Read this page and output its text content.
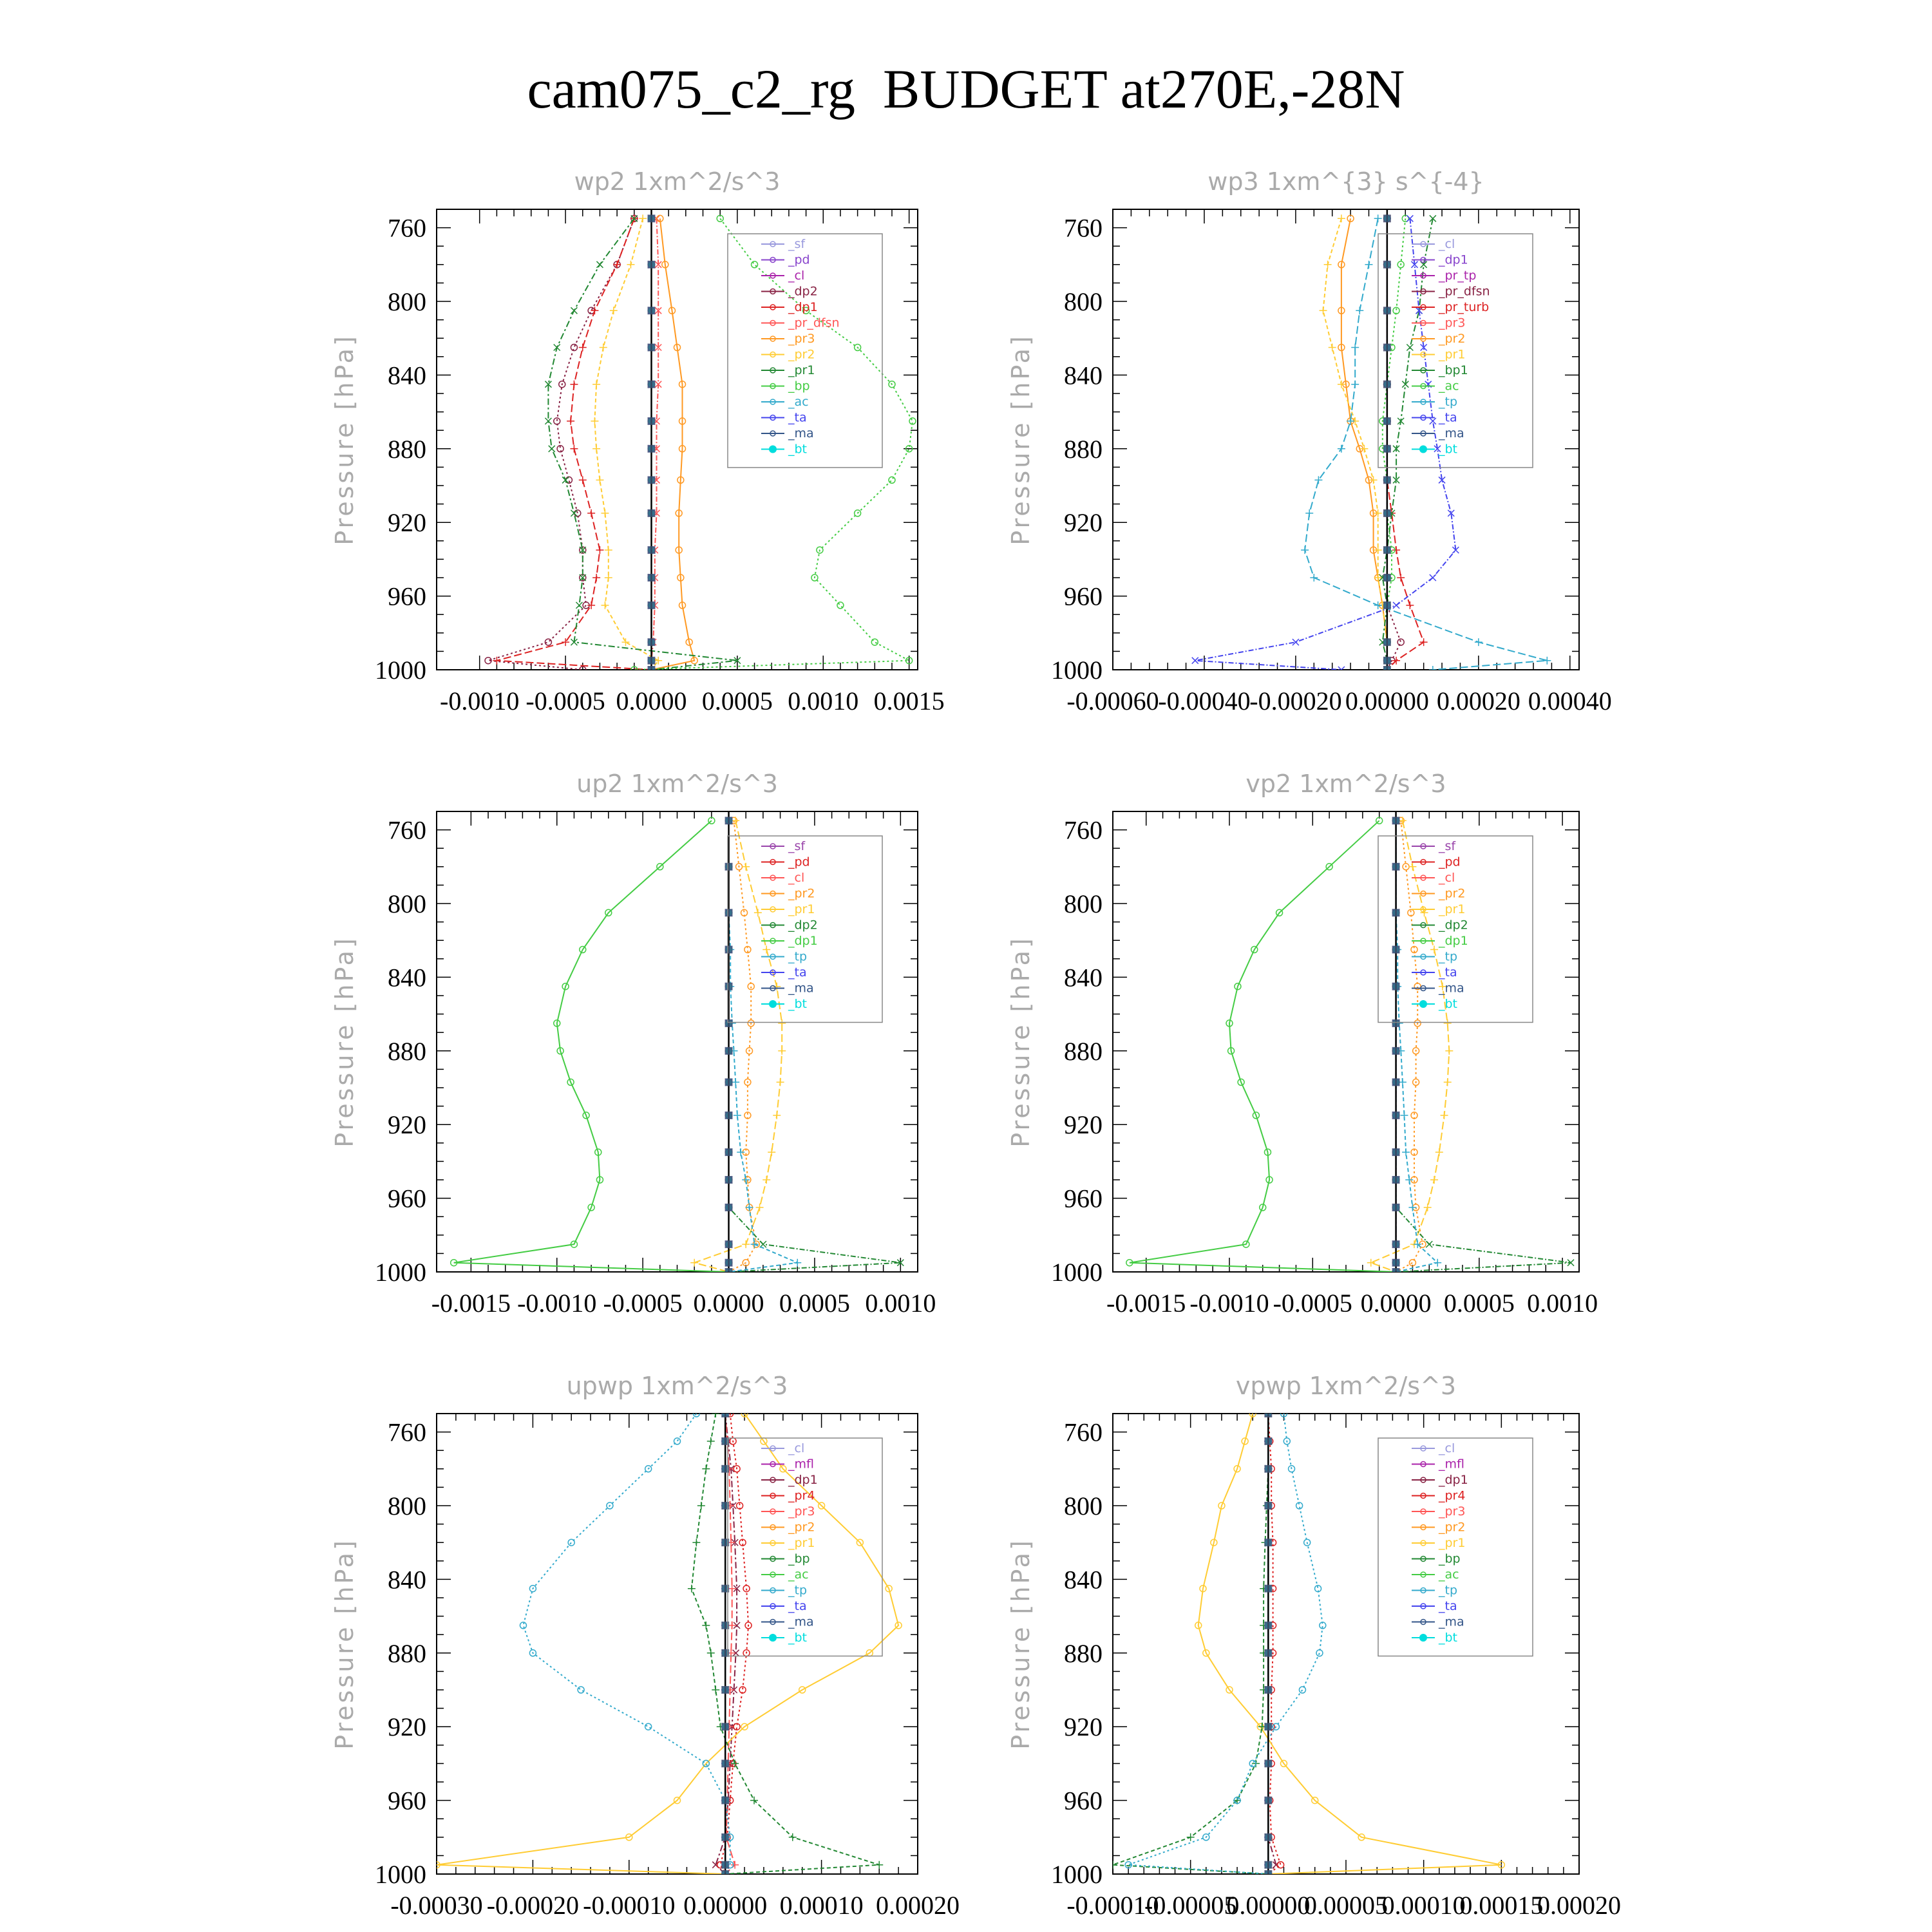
cam075_c2_rg  BUDGET at270E,-28N
760
800
840
880
920
960
1000
-0.0010 -0.0005 0.0000 0.0005 0.0010 0.0015
wp2 1xm^2/s^3
Pressure [hPa]
_sf
_pd
_cl
_dp2
_dp1
_pr_dfsn
_pr3
_pr2
_pr1
_bp
_ac
_ta
_ma
_bt
760
800
840
880
920
960
1000
-0.00060
-0.00040
-0.00020 0.00000 0.00020 0.00040
wp3 1xm^{3} s^{-4}
Pressure [hPa]
_cl
_dp1
_pr_tp
_pr_dfsn
_pr_turb
_pr3
_pr2
_pr1
_bp1
_ac
_tp
_ta
_ma
_bt
760
800
840
880
920
960
1000
-0.0015 -0.0010 -0.0005 0.0000 0.0005 0.0010
up2 1xm^2/s^3
Pressure [hPa]
_sf
_pd
_cl
_pr2
_pr1
_dp2
_dp1
_tp
_ta
_ma
_bt
760
800
840
880
920
960
1000
-0.0015 -0.0010 -0.0005 0.0000 0.0005 0.0010
vp2 1xm^2/s^3
Pressure [hPa]
_sf
_pd
_cl
_pr2
_pr1
_dp2
_dp1
_tp
_ta
_ma
_bt
760
800
840
880
920
960
1000
-0.00030 -0.00020 -0.00010 0.00000 0.00010 0.00020
upwp 1xm^2/s^3
Pressure [hPa]
_cl
_mfl
_dp1
_pr4
_pr3
_pr2
_pr1
_bp
_ac
_tp
_ta
_ma
_bt
760
800
840
880
920
960
1000
-0.00010
-0.00005
0.00000
0.00005
0.00010
0.00015
0.00020
vpwp 1xm^2/s^3
Pressure [hPa]
_cl
_mfl
_dp1
_pr4
_pr3
_pr2
_pr1
_bp
_ac
_tp
_ta
_ma
_bt
